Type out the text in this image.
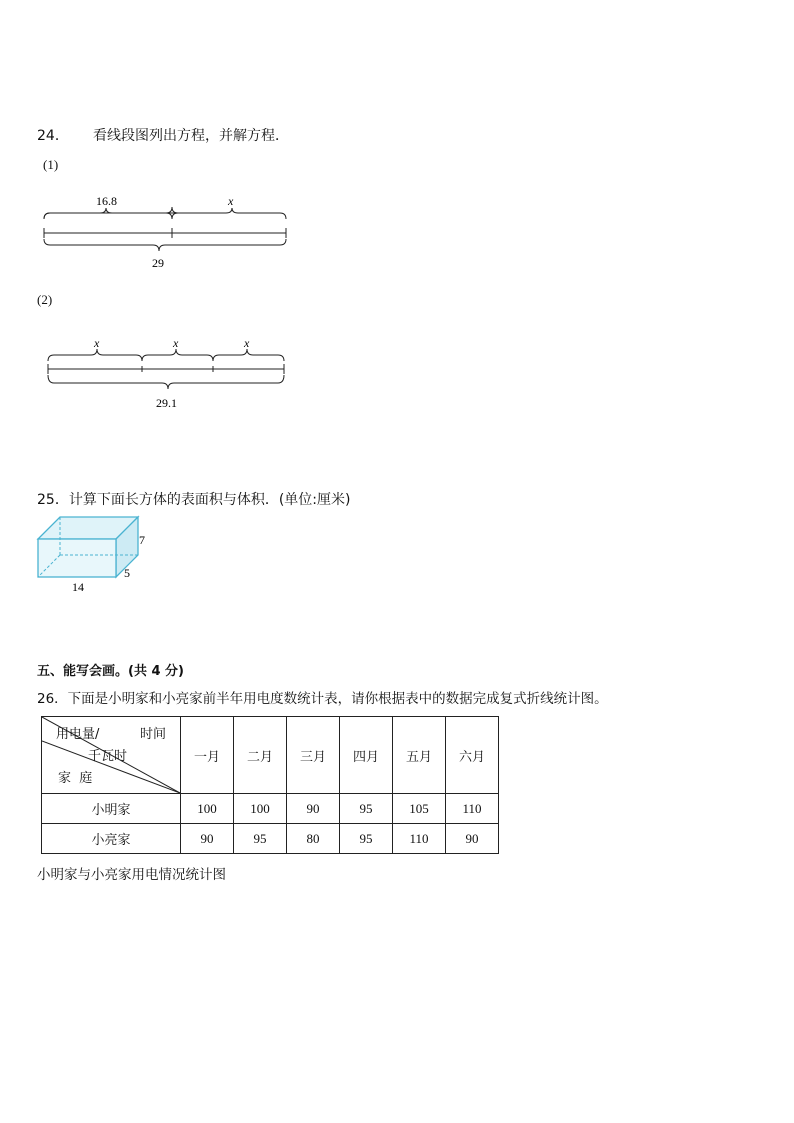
24． 看线段图列出方程，并解方程．
(1)
16.8	x
29
(2)
x	x	x
29.1
25．计算下面长方体的表面积与体积．(单位:厘米)
7
5
14
五、能写会画。(共 4 分)
26．下面是小明家和小亮家前半年用电度数统计表，请你根据表中的数据完成复式折线统计图。
用电量/ 时间
千瓦时
家  庭	一月	二月	三月	四月	五月	六月
小明家	100	100	90	95	105	110
小亮家	90	95	80	95	110	90
小明家与小亮家用电情况统计图
